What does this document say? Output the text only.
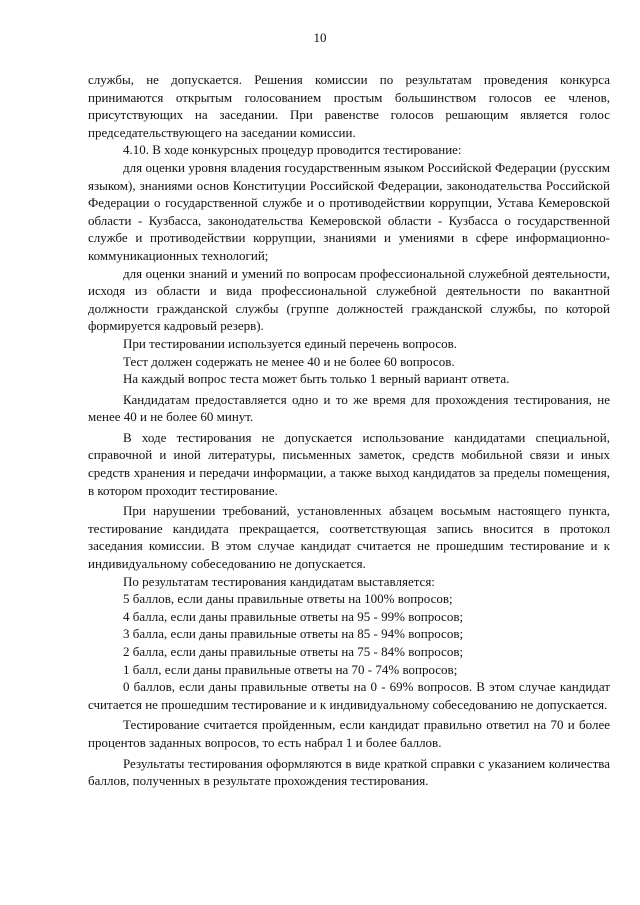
10

службы, не допускается. Решения комиссии по результатам проведения конкурса принимаются открытым голосованием простым большинством голосов ее членов, присутствующих на заседании. При равенстве голосов решающим является голос председательствующего на заседании комиссии.

4.10. В ходе конкурсных процедур проводится тестирование:

для оценки уровня владения государственным языком Российской Федерации (русским языком), знаниями основ Конституции Российской Федерации, законодательства Российской Федерации о государственной службе и о противодействии коррупции, Устава Кемеровской области - Кузбасса, законодательства Кемеровской области - Кузбасса о государственной службе и противодействии коррупции, знаниями и умениями в сфере информационно-коммуникационных технологий;

для оценки знаний и умений по вопросам профессиональной служебной деятельности, исходя из области и вида профессиональной служебной деятельности по вакантной должности гражданской службы (группе должностей гражданской службы, по которой формируется кадровый резерв).

При тестировании используется единый перечень вопросов.

Тест должен содержать не менее 40 и не более 60 вопросов.

На каждый вопрос теста может быть только 1 верный вариант ответа.

Кандидатам предоставляется одно и то же время для прохождения тестирования, не менее 40 и не более 60 минут.

В ходе тестирования не допускается использование кандидатами специальной, справочной и иной литературы, письменных заметок, средств мобильной связи и иных средств хранения и передачи информации, а также выход кандидатов за пределы помещения, в котором проходит тестирование.

При нарушении требований, установленных абзацем восьмым настоящего пункта, тестирование кандидата прекращается, соответствующая запись вносится в протокол заседания комиссии. В этом случае кандидат считается не прошедшим тестирование и к индивидуальному собеседованию не допускается.

По результатам тестирования кандидатам выставляется:

5 баллов, если даны правильные ответы на 100% вопросов;

4 балла, если даны правильные ответы на 95 - 99% вопросов;

3 балла, если даны правильные ответы на 85 - 94% вопросов;

2 балла, если даны правильные ответы на 75 - 84% вопросов;

1 балл, если даны правильные ответы на 70 - 74% вопросов;

0 баллов, если даны правильные ответы на 0 - 69% вопросов. В этом случае кандидат считается не прошедшим тестирование и к индивидуальному собеседованию не допускается.

Тестирование считается пройденным, если кандидат правильно ответил на 70 и более процентов заданных вопросов, то есть набрал 1 и более баллов.

Результаты тестирования оформляются в виде краткой справки с указанием количества баллов, полученных в результате прохождения тестирования.
